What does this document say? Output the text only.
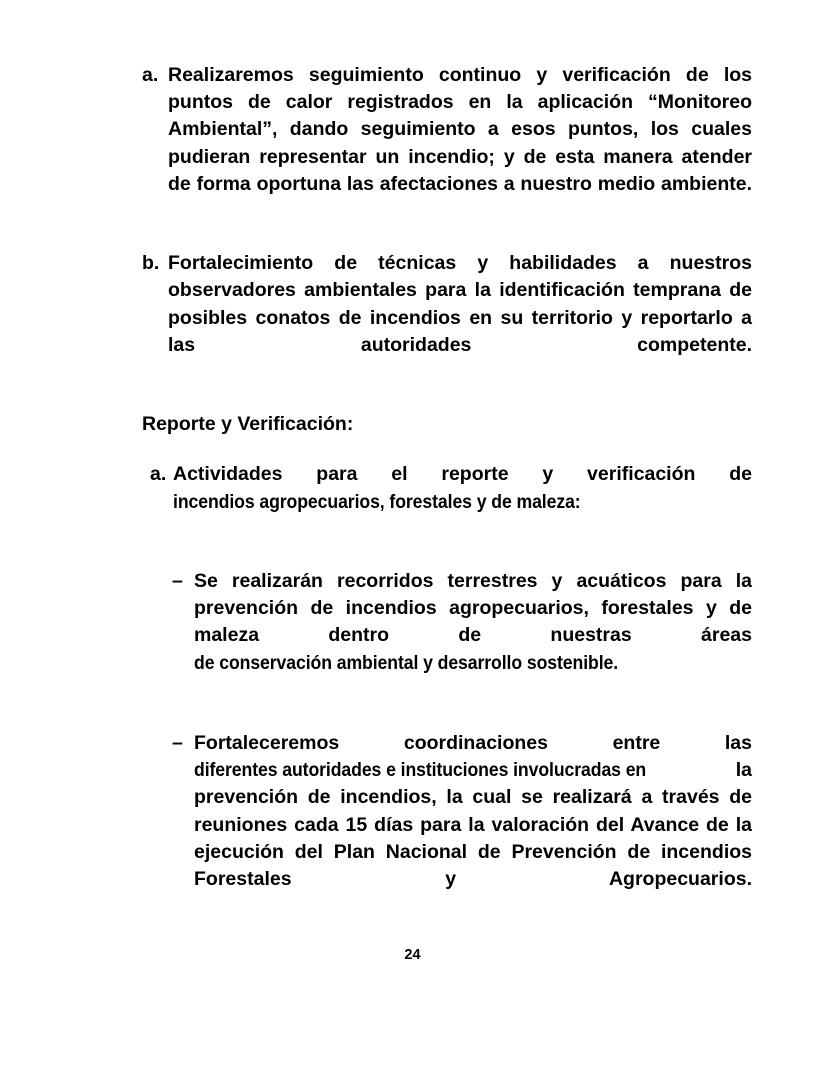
a. Realizaremos seguimiento continuo y verificación de los puntos de calor registrados en la aplicación “Monitoreo Ambiental”, dando seguimiento a esos puntos, los cuales pudieran representar un incendio; y de esta manera atender de forma oportuna las afectaciones a nuestro medio ambiente.
b. Fortalecimiento de técnicas y habilidades a nuestros observadores ambientales para la identificación temprana de posibles conatos de incendios en su territorio y reportarlo a las autoridades competente.
Reporte y Verificación:
a. Actividades para el reporte y verificación de incendios agropecuarios, forestales y de maleza:
– Se realizarán recorridos terrestres y acuáticos para la prevención de incendios agropecuarios, forestales y de maleza dentro de nuestras áreas de conservación ambiental y desarrollo sostenible.
– Fortaleceremos coordinaciones entre las diferentes autoridades e instituciones involucradas en	la prevención de incendios, la cual se realizará a través de reuniones cada 15 días para la valoración del Avance de la ejecución del Plan Nacional de Prevención de incendios Forestales	y Agropecuarios.
24
